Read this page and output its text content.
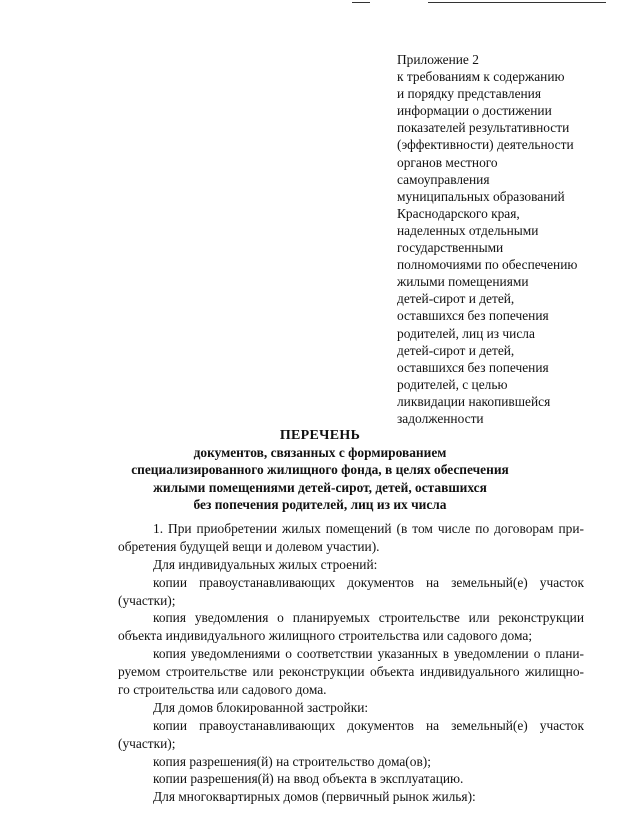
Приложение 2
к требованиям к содержанию
и порядку представления
информации о достижении
показателей результативности
(эффективности) деятельности
органов местного
самоуправления
муниципальных образований
Краснодарского края,
наделенных отдельными
государственными
полномочиями по обеспечению
жилыми помещениями
детей-сирот и детей,
оставшихся без попечения
родителей, лиц из числа
детей-сирот и детей,
оставшихся без попечения
родителей, с целью
ликвидации накопившейся
задолженности
ПЕРЕЧЕНЬ
документов, связанных с формированием
специализированного жилищного фонда, в целях обеспечения
жилыми помещениями детей-сирот, детей, оставшихся
без попечения родителей, лиц из их числа
1. При приобретении жилых помещений (в том числе по договорам при-
обретения будущей вещи и долевом участии).
Для индивидуальных жилых строений:
копии правоустанавливающих документов на земельный(е) участок
(участки);
копия уведомления о планируемых строительстве или реконструкции
объекта индивидуального жилищного строительства или садового дома;
копия уведомлениями о соответствии указанных в уведомлении о плани-
руемом строительстве или реконструкции объекта индивидуального жилищно-
го строительства или садового дома.
Для домов блокированной застройки:
копии правоустанавливающих документов на земельный(е) участок
(участки);
копия разрешения(й) на строительство дома(ов);
копии разрешения(й) на ввод объекта в эксплуатацию.
Для многоквартирных домов (первичный рынок жилья):
